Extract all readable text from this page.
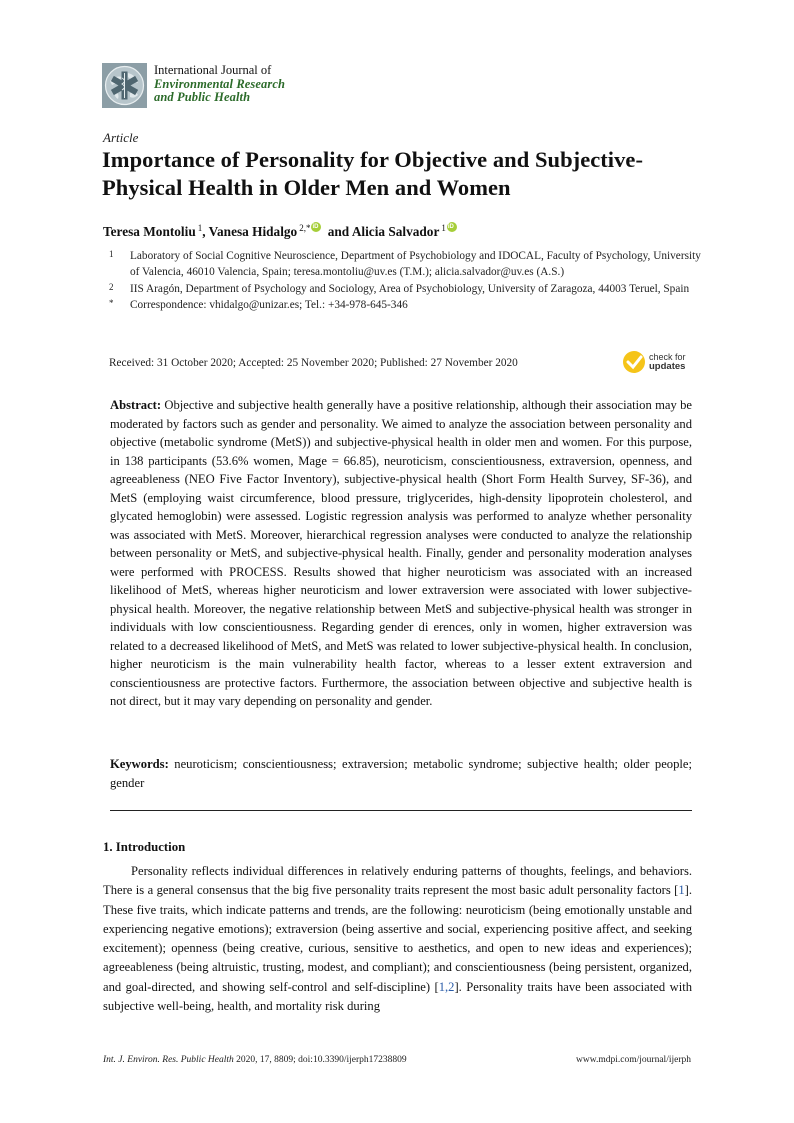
International Journal of
Environmental Research
and Public Health
Article
Importance of Personality for Objective and Subjective-Physical Health in Older Men and Women
Teresa Montoliu $^1$, Vanesa Hidalgo $^{2,*}$ iD and Alicia Salvador $^1$iD
1	Laboratory of Social Cognitive Neuroscience, Department of Psychobiology and IDOCAL, Faculty of Psychology, University of Valencia, 46010 Valencia, Spain; teresa.montoliu@uv.es (T.M.); alicia.salvador@uv.es (A.S.)
2	IIS Aragón, Department of Psychology and Sociology, Area of Psychobiology, University of Zaragoza, 44003 Teruel, Spain
*	Correspondence: vhidalgo@unizar.es; Tel.: +34-978-645-346
Received: 31 October 2020; Accepted: 25 November 2020; Published: 27 November 2020	check for
updates
Abstract: Objective and subjective health generally have a positive relationship, although their association may be moderated by factors such as gender and personality. We aimed to analyze the association between personality and objective (metabolic syndrome (MetS)) and subjective-physical health in older men and women. For this purpose, in 138 participants (53.6% women, Mage = 66.85), neuroticism, conscientiousness, extraversion, openness, and agreeableness (NEO Five Factor Inventory), subjective-physical health (Short Form Health Survey, SF-36), and MetS (employing waist circumference, blood pressure, triglycerides, high-density lipoprotein cholesterol, and glycated hemoglobin) were assessed. Logistic regression analysis was performed to analyze whether personality was associated with MetS. Moreover, hierarchical regression analyses were conducted to analyze the relationship between personality or MetS, and subjective-physical health. Finally, gender and personality moderation analyses were performed with PROCESS. Results showed that higher neuroticism was associated with an increased likelihood of MetS, whereas higher neuroticism and lower extraversion were associated with lower subjective-physical health. Moreover, the negative relationship between MetS and subjective-physical health was stronger in individuals with low conscientiousness. Regarding gender di erences, only in women, higher extraversion was related to a decreased likelihood of MetS, and MetS was related to lower subjective-physical health. In conclusion, higher neuroticism is the main vulnerability health factor, whereas to a lesser extent extraversion and conscientiousness are protective factors. Furthermore, the association between objective and subjective health is not direct, but it may vary depending on personality and gender.
Keywords: neuroticism; conscientiousness; extraversion; metabolic syndrome; subjective health; older people; gender
1. Introduction
Personality reflects individual differences in relatively enduring patterns of thoughts, feelings, and behaviors. There is a general consensus that the big five personality traits represent the most basic adult personality factors [1]. These five traits, which indicate patterns and trends, are the following: neuroticism (being emotionally unstable and experiencing negative emotions); extraversion (being assertive and social, experiencing positive affect, and seeking excitement); openness (being creative, curious, sensitive to aesthetics, and open to new ideas and experiences); agreeableness (being altruistic, trusting, modest, and compliant); and conscientiousness (being persistent, organized, and goal-directed, and showing self-control and self-discipline) [1,2]. Personality traits have been associated with subjective well-being, health, and mortality risk during
Int. J. Environ. Res. Public Health 2020, 17, 8809; doi:10.3390/ijerph17238809	www.mdpi.com/journal/ijerph
